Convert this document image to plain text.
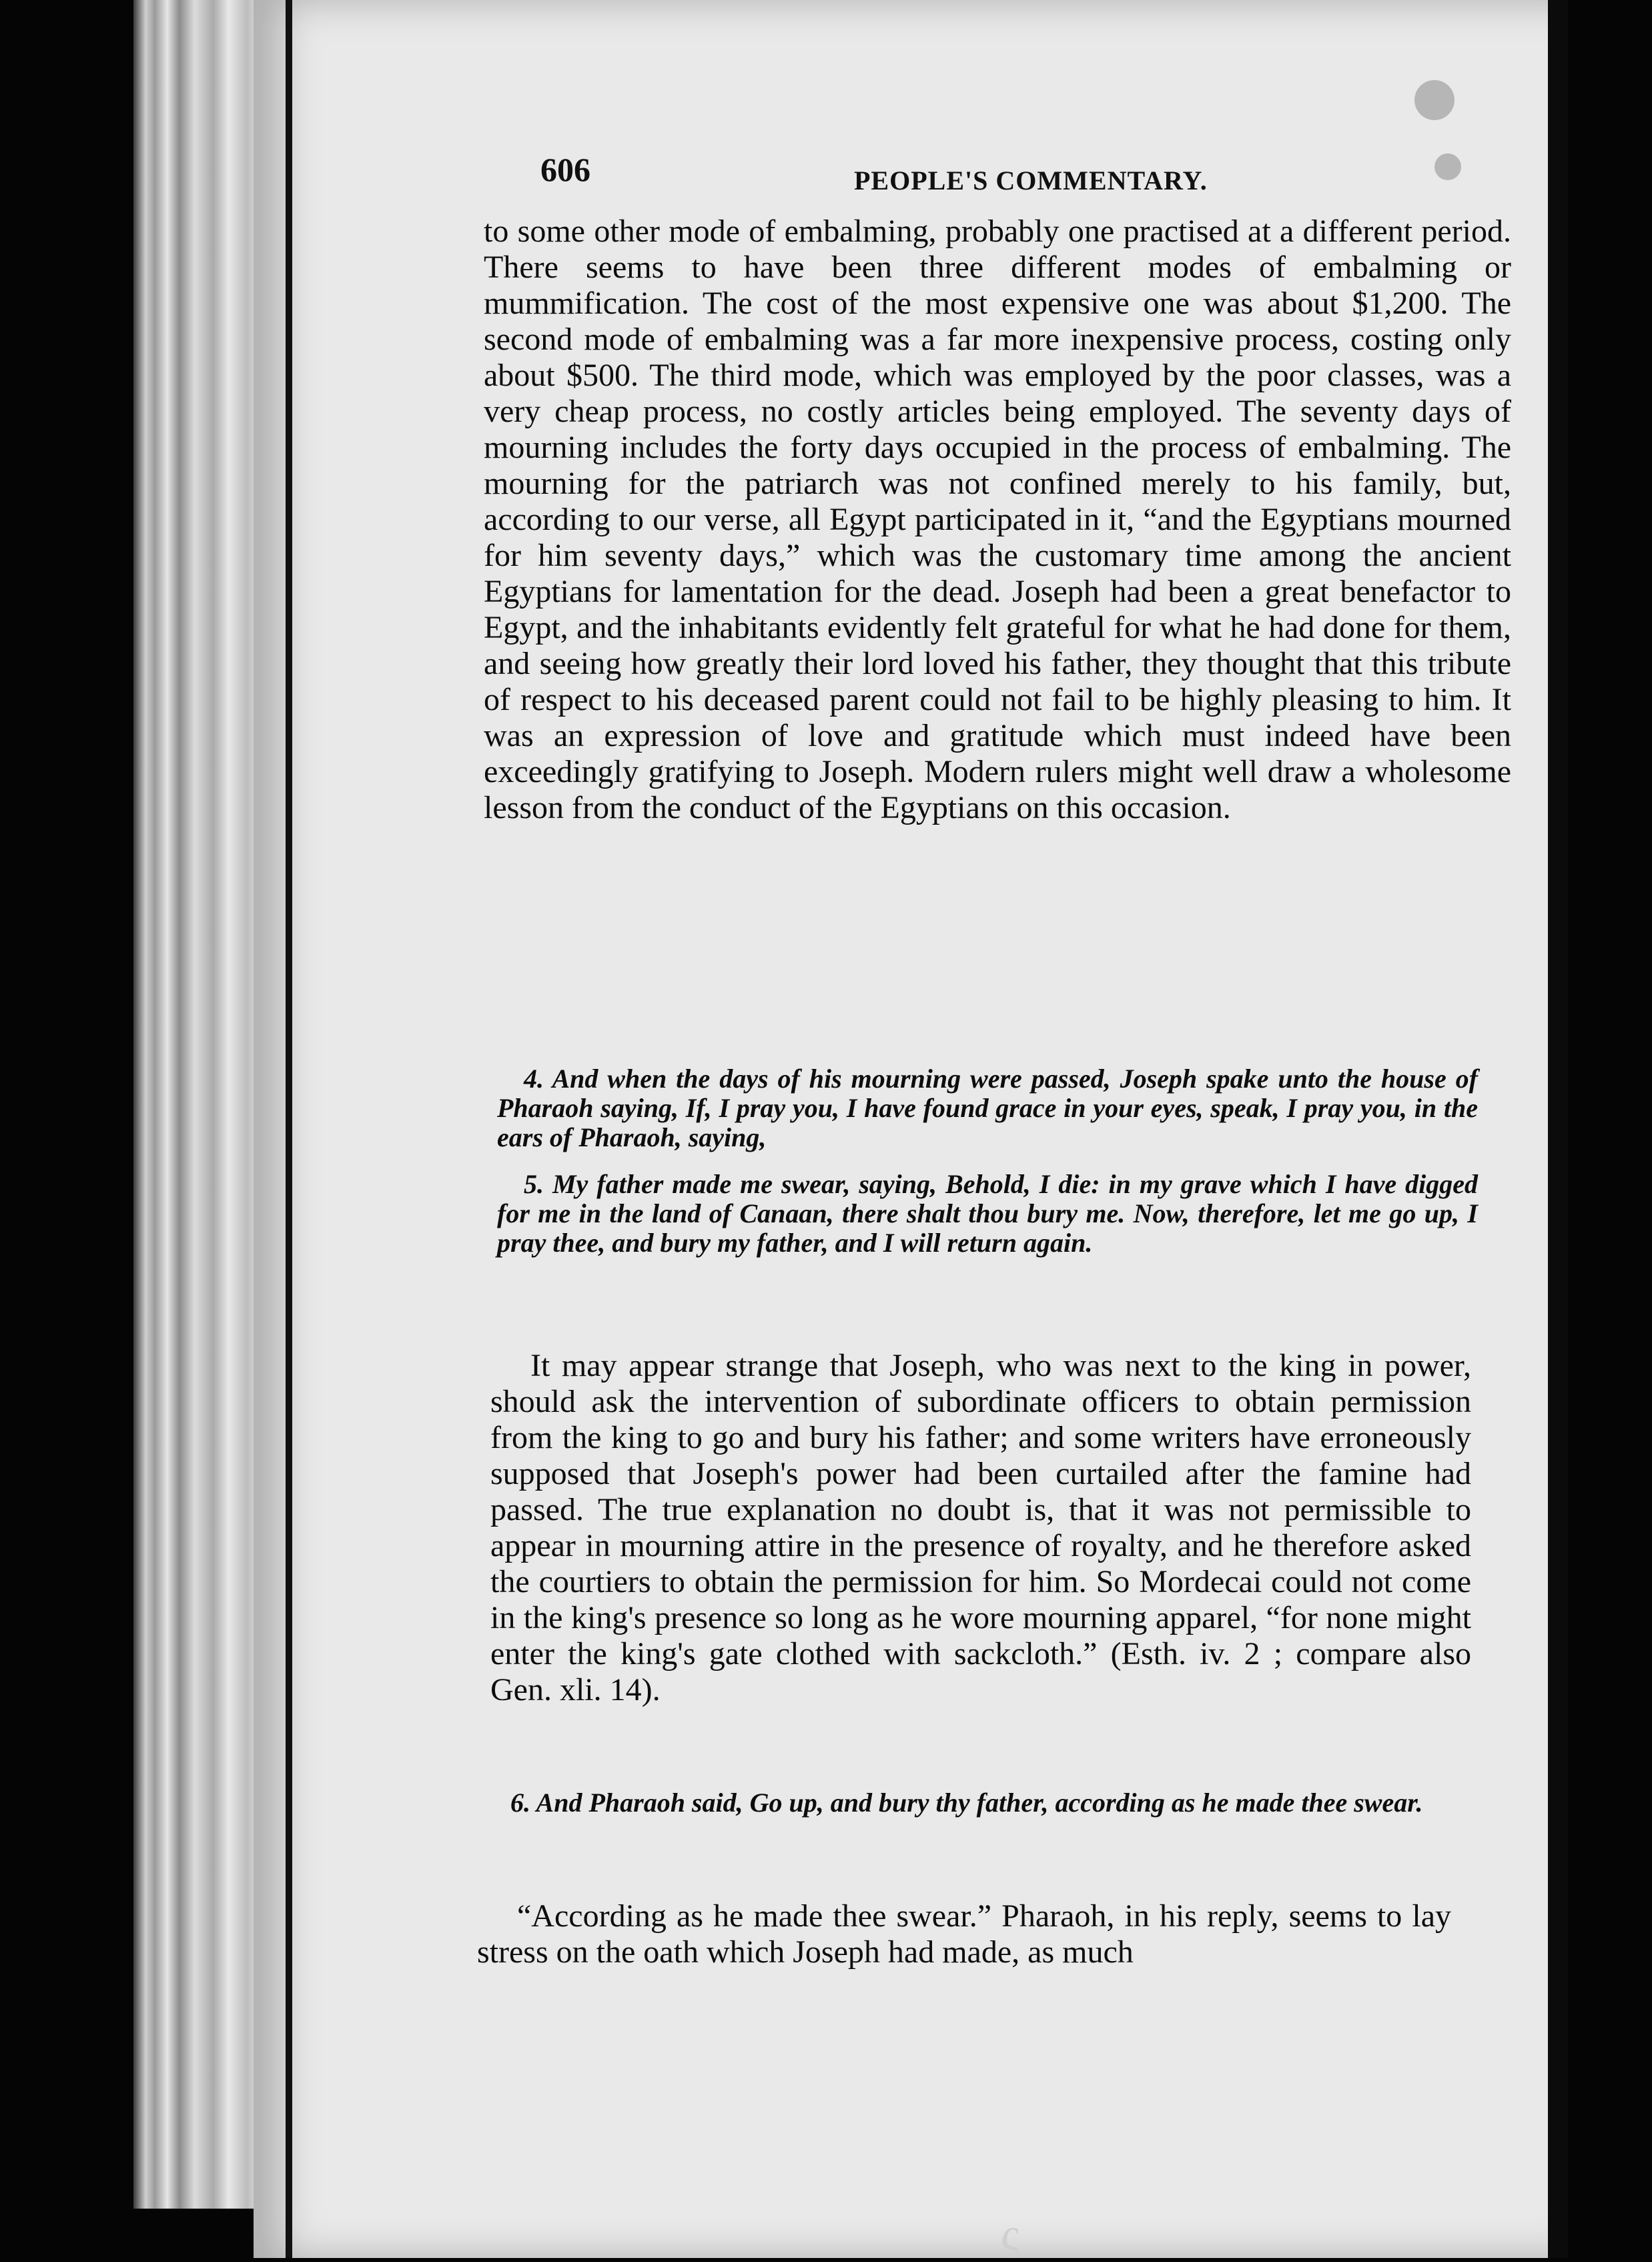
ς
606	PEOPLE'S COMMENTARY.

to some other mode of embalming, probably one practised at a different period. There seems to have been three different modes of embalming or mummification. The cost of the most expensive one was about $1,200. The second mode of embalming was a far more inexpensive process, costing only about $500. The third mode, which was employed by the poor classes, was a very cheap process, no costly articles being employed. The seventy days of mourning includes the forty days occupied in the process of embalming. The mourning for the patriarch was not confined merely to his family, but, according to our verse, all Egypt participated in it, “and the Egyptians mourned for him seventy days,” which was the customary time among the ancient Egyptians for lamentation for the dead. Joseph had been a great benefactor to Egypt, and the inhabitants evidently felt grateful for what he had done for them, and seeing how greatly their lord loved his father, they thought that this tribute of respect to his deceased parent could not fail to be highly pleasing to him. It was an expression of love and gratitude which must indeed have been exceedingly gratifying to Joseph. Modern rulers might well draw a wholesome lesson from the conduct of the Egyptians on this occasion.

4. And when the days of his mourning were passed, Joseph spake unto the house of Pharaoh saying, If, I pray you, I have found grace in your eyes, speak, I pray you, in the ears of Pharaoh, saying,

5. My father made me swear, saying, Behold, I die: in my grave which I have digged for me in the land of Canaan, there shalt thou bury me. Now, therefore, let me go up, I pray thee, and bury my father, and I will return again.

It may appear strange that Joseph, who was next to the king in power, should ask the intervention of subordinate officers to obtain permission from the king to go and bury his father; and some writers have erroneously supposed that Joseph's power had been curtailed after the famine had passed. The true explanation no doubt is, that it was not permissible to appear in mourning attire in the presence of royalty, and he therefore asked the courtiers to obtain the permission for him. So Mordecai could not come in the king's presence so long as he wore mourning apparel, “for none might enter the king's gate clothed with sackcloth.” (Esth. iv. 2 ; compare also Gen. xli. 14).

6. And Pharaoh said, Go up, and bury thy father, according as he made thee swear.

“According as he made thee swear.” Pharaoh, in his reply, seems to lay stress on the oath which Joseph had made, as much
